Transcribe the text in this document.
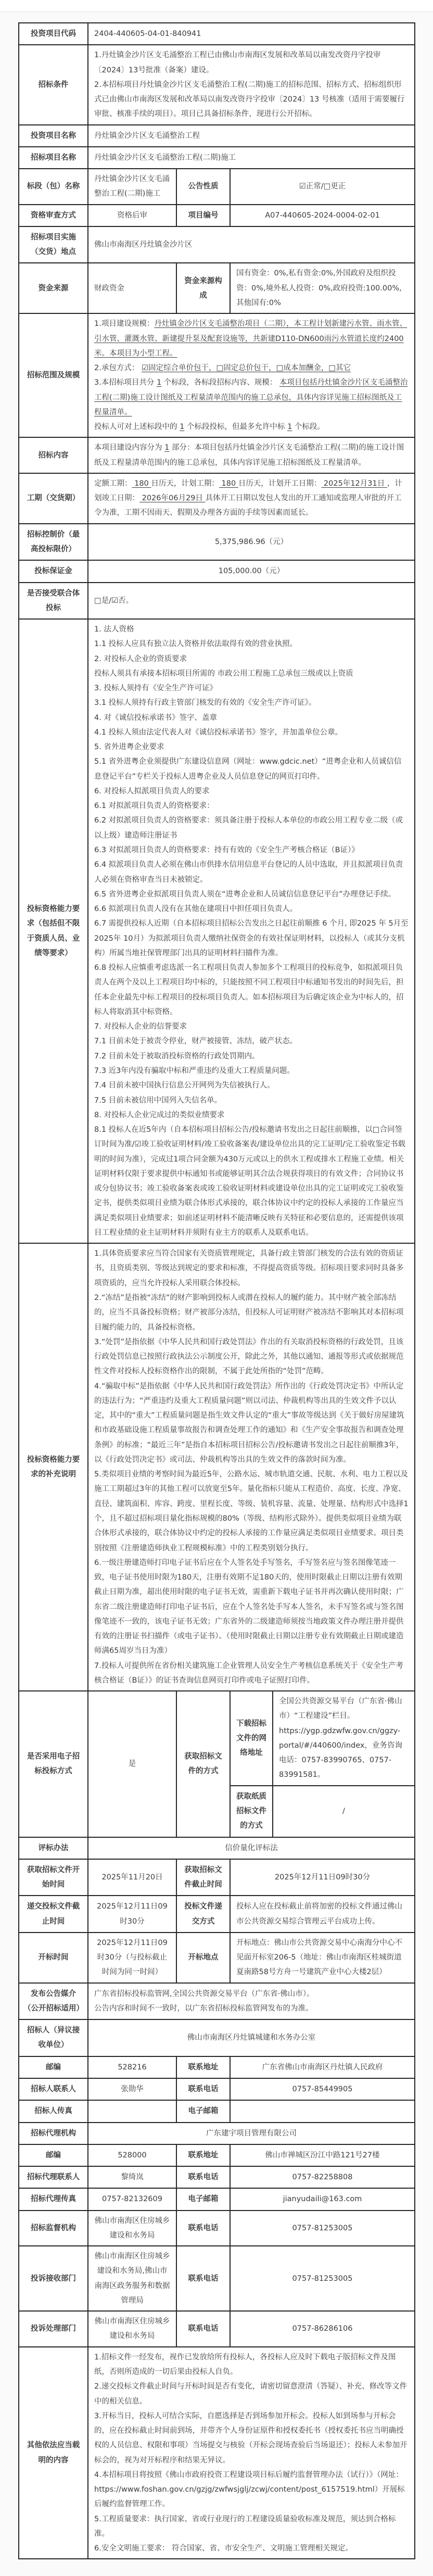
投资项目代码	2404-440605-04-01-840941			
招标条件	1.丹灶镇金沙片区支毛涌整治工程已由佛山市南海区发展和改革局以南发改资丹字投审〔2024〕13号批准（备案）建设。
2.本招标项目丹灶镇金沙片区支毛涌整治工程(二期)施工的招标范围、招标方式、招标组织形式已由佛山市南海区发展和改革局以南发改资丹字投审〔2024〕13 号核准（适用于需要履行审批、核准手续的项目）。项目已具备招标条件，现进行公开招标。			

投资项目名称	丹灶镇金沙片区支毛涌整治工程			
招标项目名称	丹灶镇金沙片区支毛涌整治工程(二期)施工			
标段（包）名称	丹灶镇金沙片区支毛涌整治工程(二期)施工	公告性质	☑正常/□更正	
资格审查方式	资格后审	项目编号	A07-440605-2024-0004-02-01	
招标项目实施（交货）地点	佛山市南海区丹灶镇金沙片区			
资金来源	财政资金	资金来源构成	国有资金：0%,私有资金:0%,外国政府及组织投资：0%,境外私人投资：0%,政府投资:100.00%,其他国有:0%	
招标范围及规模	1.项目建设规模：丹灶镇金沙片区支毛涌整治项目（二期），本工程计划新建污水管、雨水管、引水管、灌溉水管、新建提升泵及配套设施等，共新建D110-DN600雨污水管道长度约2400米。本项目为小型工程。
2.承包方式： ☑固定综合单价包干，□固定总价包干，□成本加酬金，□其它
3.本招标项目共分 1 个标段，各标段招标内容、规模： 本项目包括丹灶镇金沙片区支毛涌整治工程(二期)施工设计图纸及工程量清单范围内的施工总承包，具体内容详见施工招标图纸及工程量清单。
投标人可对上述标段中的 1 个标段投标，但最多允许中标 1 个标段。			

招标内容	本项目建设内容分为 1 部分：本项目包括丹灶镇金沙片区支毛涌整治工程(二期)的施工设计图纸及工程量清单范围内的施工总承包，具体内容详见施工招标图纸及工程量清单。			

工期（交货期）	定额工期： 180 日历天，计划工期： 180 日历天，计划开工日期： 2025年12月31日 ，计划竣工日期： 2026年06月29日 具体开工日期以发包人发出的开工通知或监理人审批的开工令为准，工期不因雨天、假期及办理各方面的手续等因素而延长。			

招标控制价（最高投标限价）	5,375,986.96（元）			
投标保证金	105,000.00（元）			
是否接受联合体投标	□是/☑否。			
投标资格能力要求（包括但不限于资质人员、业绩等要求）	
1. 法人资格
1.1 投标人应具有独立法人资格并依法取得有效的营业执照。
2. 对投标人企业的资质要求
投标人须具有承接本招标项目所需的 市政公用工程施工总承包三级或以上资质
3. 投标人须持有《安全生产许可证》
3.1 投标人须持有行政主管部门核发的有效的《安全生产许可证》。
4. 对《诚信投标承诺书》签字、盖章
4.1 投标人须由法定代表人对《诚信投标承诺书》签字，并加盖单位公章。
5. 省外进粤企业要求
5.1 省外进粤企业须提供广东建设信息网（网址：www.gdcic.net）“进粤企业和人员诚信信息登记平台”专栏关于投标人进粤企业及人员信息登记的网页打印件。
6. 对投标人拟派项目负责人的要求
6.1 对拟派项目负责人的资格要求：
6.2 对拟派项目负责人的资格要求：须具备注册于投标人本单位的市政公用工程专业二级（或以上级）建造师注册证书
6.3 对拟派项目负责人的资格要求：持有有效的《安全生产考核合格证（B证）》
6.4 拟派项目负责人必须在佛山市供排水信用信息平台登记的人员中选取，并且拟派项目负责人必须在资格审查当日未被锁定。
6.5 省外进粤企业拟派项目负责人须在“进粤企业和人员诚信信息登记平台”办理登记手续。
6.6 拟派项目负责人没有在其他在建项目中担任项目负责人。
6.7 需提供投标人近期（自本招标项目招标公告发出之日起往前顺推 6 个月, 即2025 年 5月至 2025年 10月）为拟派项目负责人缴纳社保资金的有效社保证明材料，以投标人（或其分支机构）所属当地社保管理部门出具的证明材料扫描件为准。
6.8 投标人应慎重考虑选派一名工程项目负责人参加多个工程项目的投标竞争，如拟派项目负责人在两个及以上工程项目均中标的，只能按照不同工程项目中标通知书发出的时间先后，担任本企业最先中标工程项目的投标项目负责人。如本招标项目为后确定该企业为中标人的，招标人将取消其中标资格。
7. 对投标人企业的信誉要求
7.1 目前未处于被责令停业，财产被接管、冻结，破产状态。
7.2 目前未处于被取消投标资格的行政处罚期内。
7.3 近3年内没有骗取中标和严重违约及重大工程质量问题。
7.4 目前未被中国执行信息公开网列为失信被执行人。
7.5 目前未被信用中国列入失信名单。
8. 对投标人企业完成过的类似业绩要求
8.1 投标人在近5年内（自本招标项目招标公告/投标邀请书发出之日起往前顺推，以□合同签订时间为准/☑竣工验收证明材料/竣工验收备案表/建设单位出具的完工证明/完工验收鉴定书载明的时间为准），完成过1项合同金额为430万元或以上的供水工程或排水工程施工业绩。相关证明材料仅限于要求提供中标通知书或能够证明其合法合规获得项目的有效文件；合同协议书或分包协议书；竣工验收备案表或竣工验收证明材料或建设单位出具的完工证明或完工验收鉴定书，提供类似项目业绩为联合体形式承接的，联合体协议中约定的投标人承接的工作量应当满足类似项目业绩要求；如前述证明材料不能清晰反映有关特征和必要信息的，还需提供该项目工程业绩的业主证明材料并须附有业主方的联系人及联系电话。

投标资格能力要求的补充说明	
1.具体资质要求应当符合国家有关资质管理规定，具备行政主管部门核发的合法有效的资质证书，且资质类别、等级达到规定的要求和标准，不得提高资质等级。招标项目要求同时具备多项资质的，应当允许投标人采用联合体投标。
2.“冻结”是指被“冻结”的财产影响到投标人或潜在投标人的履约能力。其中财产被全部冻结的，应当不具备投标资格；财产被部分冻结，但投标人可证明财产被冻结不影响其对本招标项目履约能力的，具备投标资格。
3.“处罚”是指依据《中华人民共和国行政处罚法》作出的有关取消投标资格的行政处罚，且该行政处罚信息已按照行政执法公示制度公开，除此之外，其他以通知、通报等形式或依据规范性文件对投标人投标资格作出的限制，不属于此处所指的“处罚”范畴。
4.“骗取中标”是指依据《中华人民共和国行政处罚法》所作出的《行政处罚决定书》中所认定的违法行为；“严重违约及重大工程质量问题”则以司法、仲裁机构等出具的生效文件予以认定，其中的“重大”工程质量问题是指生效文件认定的“重大”事故等级达到《关于做好房屋建筑和市政基础设施工程质量事故报告和调查处理工作的通知》和《生产安全事故报告和调查处理条例》的标准；“最近三年”是指自本招标项目招标公告/投标邀请书发出之日起往前顺推3年，以《行政处罚决定书》或司法、仲裁机构等出具的生效文件的落款时间为准。
5.类似项目业绩的考察时间为最近5年，公路水运、城市轨道交通、民航、水利、电力工程以及施工工期超过3年的其他工程可以放宽至5年。量化指标只能从工程造价、高度、长度、净宽、直径、建筑面积、库容、跨度、里程长度、等级、装机容量、流量、处理量、结构形式中选择1个，且不超过招标项目量化指标规模的80%（等级、结构形式除外）。提供类似项目业绩为联合体形式承接的，联合体协议中约定的投标人承接的工作量应满足类似项目业绩要求。项目类别按照《注册建造师执业工程规模标准》中的工程类别划分执行。
6.一级注册建造师打印电子证书后应在个人签名处手写签名，手写签名应与签名图像笔迹一致，电子证书使用时限为180天，注册有效期不足180天的，使用时限截止日期以注册有效期截止日期为准，超出使用时限的电子证书无效，需重新下载电子证书并再次确认使用时限；广东省二级注册建造师打印电子证书后，应在个人签名处手写本人签名，未手写签名或与签名图像笔迹不一致的，该电子证书无效；广东省外的二级建造师须按当地政策文件办理注册并提供有效的注册证书扫描件（或电子证书）。（使用时限截止日期以注册专业有效期截止日期或建造师满65周岁当日为准）
7.投标人可提供所在省份相关建筑施工企业管理人员安全生产考核信息系统关于《安全生产考核合格证（B证）》的证书查询信息网页打印件或电子证照打印件。

是否采用电子招标投标方式	是	获取招标文件的方式	下载招标文件的网络地址	全国公共资源交易平台（广东省·佛山市）“工程建设”栏目。https://ygp.gdzwfw.gov.cn/ggzy-portal/#/440600/index，业务咨询电话：0757-83990765、0757-83991581。
			获取纸质招标文件的方式	/
评标办法	信价量化评标法			
获取招标文件开始时间	2025年11月20日	获取招标文件截止时间	2025年12月11日09时30分	
递交投标文件截止时间	2025年12月11日09时30分	投标文件递交方式	投标人应在投标截止前将加密的投标文件通过佛山市公共资源交易综合管理云平台成功上传。	
开标时间	2025年12月11日09时30分（与投标截止时间为同一时间）	开标地点	开标地点：佛山市公共资源交易中心南海分中心不见面开标室206-5（地址：佛山市南海区桂城街道夏南路58号方舟一号建筑产业中心大楼2层）	
发布公告媒介（公开招标适用）	广东省招标投标监管网,全国公共资源交易平台（广东省·佛山市）。
公告内容和时间不一致时，以广东省招标投标监管网发布的为准。			

招标人（异议接收单位）	佛山市南海区丹灶镇城建和水务办公室			
邮编	528216	联系地址	广东省佛山市南海区丹灶镇人民政府	
招标人联系人	张勋华	联系电话	0757-85449905	
招标人传真		电子邮箱		
招标代理机构	广东建宇项目管理有限公司			
邮编	528000	联系地址	佛山市禅城区汾江中路121号27楼	
招标代理联系人	黎绮岚	联系电话	0757-82258808	
招标代理传真	0757-82132609	电子邮箱	jianyudaili@163.com	
招标监督机构	佛山市南海区住房城乡建设和水务局	联系电话	0757-81253005	
投诉接收部门	佛山市南海区住房城乡建设和水务局,佛山市南海区政务服务和数据管理局	联系电话	0757-81253005	
投诉处理部门	佛山市南海区住房城乡建设和水务局	联系电话	0757-86286106	
其他依法应当载明的内容	
1.招标文件一经发布，视作已发放给所有投标人，各投标人应及时下载电子版招标文件及图纸，否则所造成的一切后果由投标人自负。
2.递交投标文件截止时间与开标时间是否有变化，请密切留意澄清（答疑）、补充、修改等文件中的相关信息。
3.开标当日，投标人可结合实际，自愿选择是否到场参加开标会。投标人如到场参与开标会的，应在投标截止时间前到场，并带齐个人身份证原件和授权委托书（授权委托书应当明确授权的人员信息、权限和事项）当场提交与核验（开标会现场查验后当场退还）；投标人未参加开标会的，视为对开标程序和结果无异议。
4.本招标项目将按照《佛山市政府投资工程建设项目标后履约监督管理办法（试行）》（网址：https://www.foshan.gov.cn/gzjg/zwfwsjglj/zcwj/content/post_6157519.html）开展标后履约监督管理工作。
5.工程质量要求：执行国家、省或行业现行的工程建设质量验收标准及规范，须达到合格标准。
6.安全文明施工要求： 符合国家、省、市安全生产、文明施工管理相关规定。
